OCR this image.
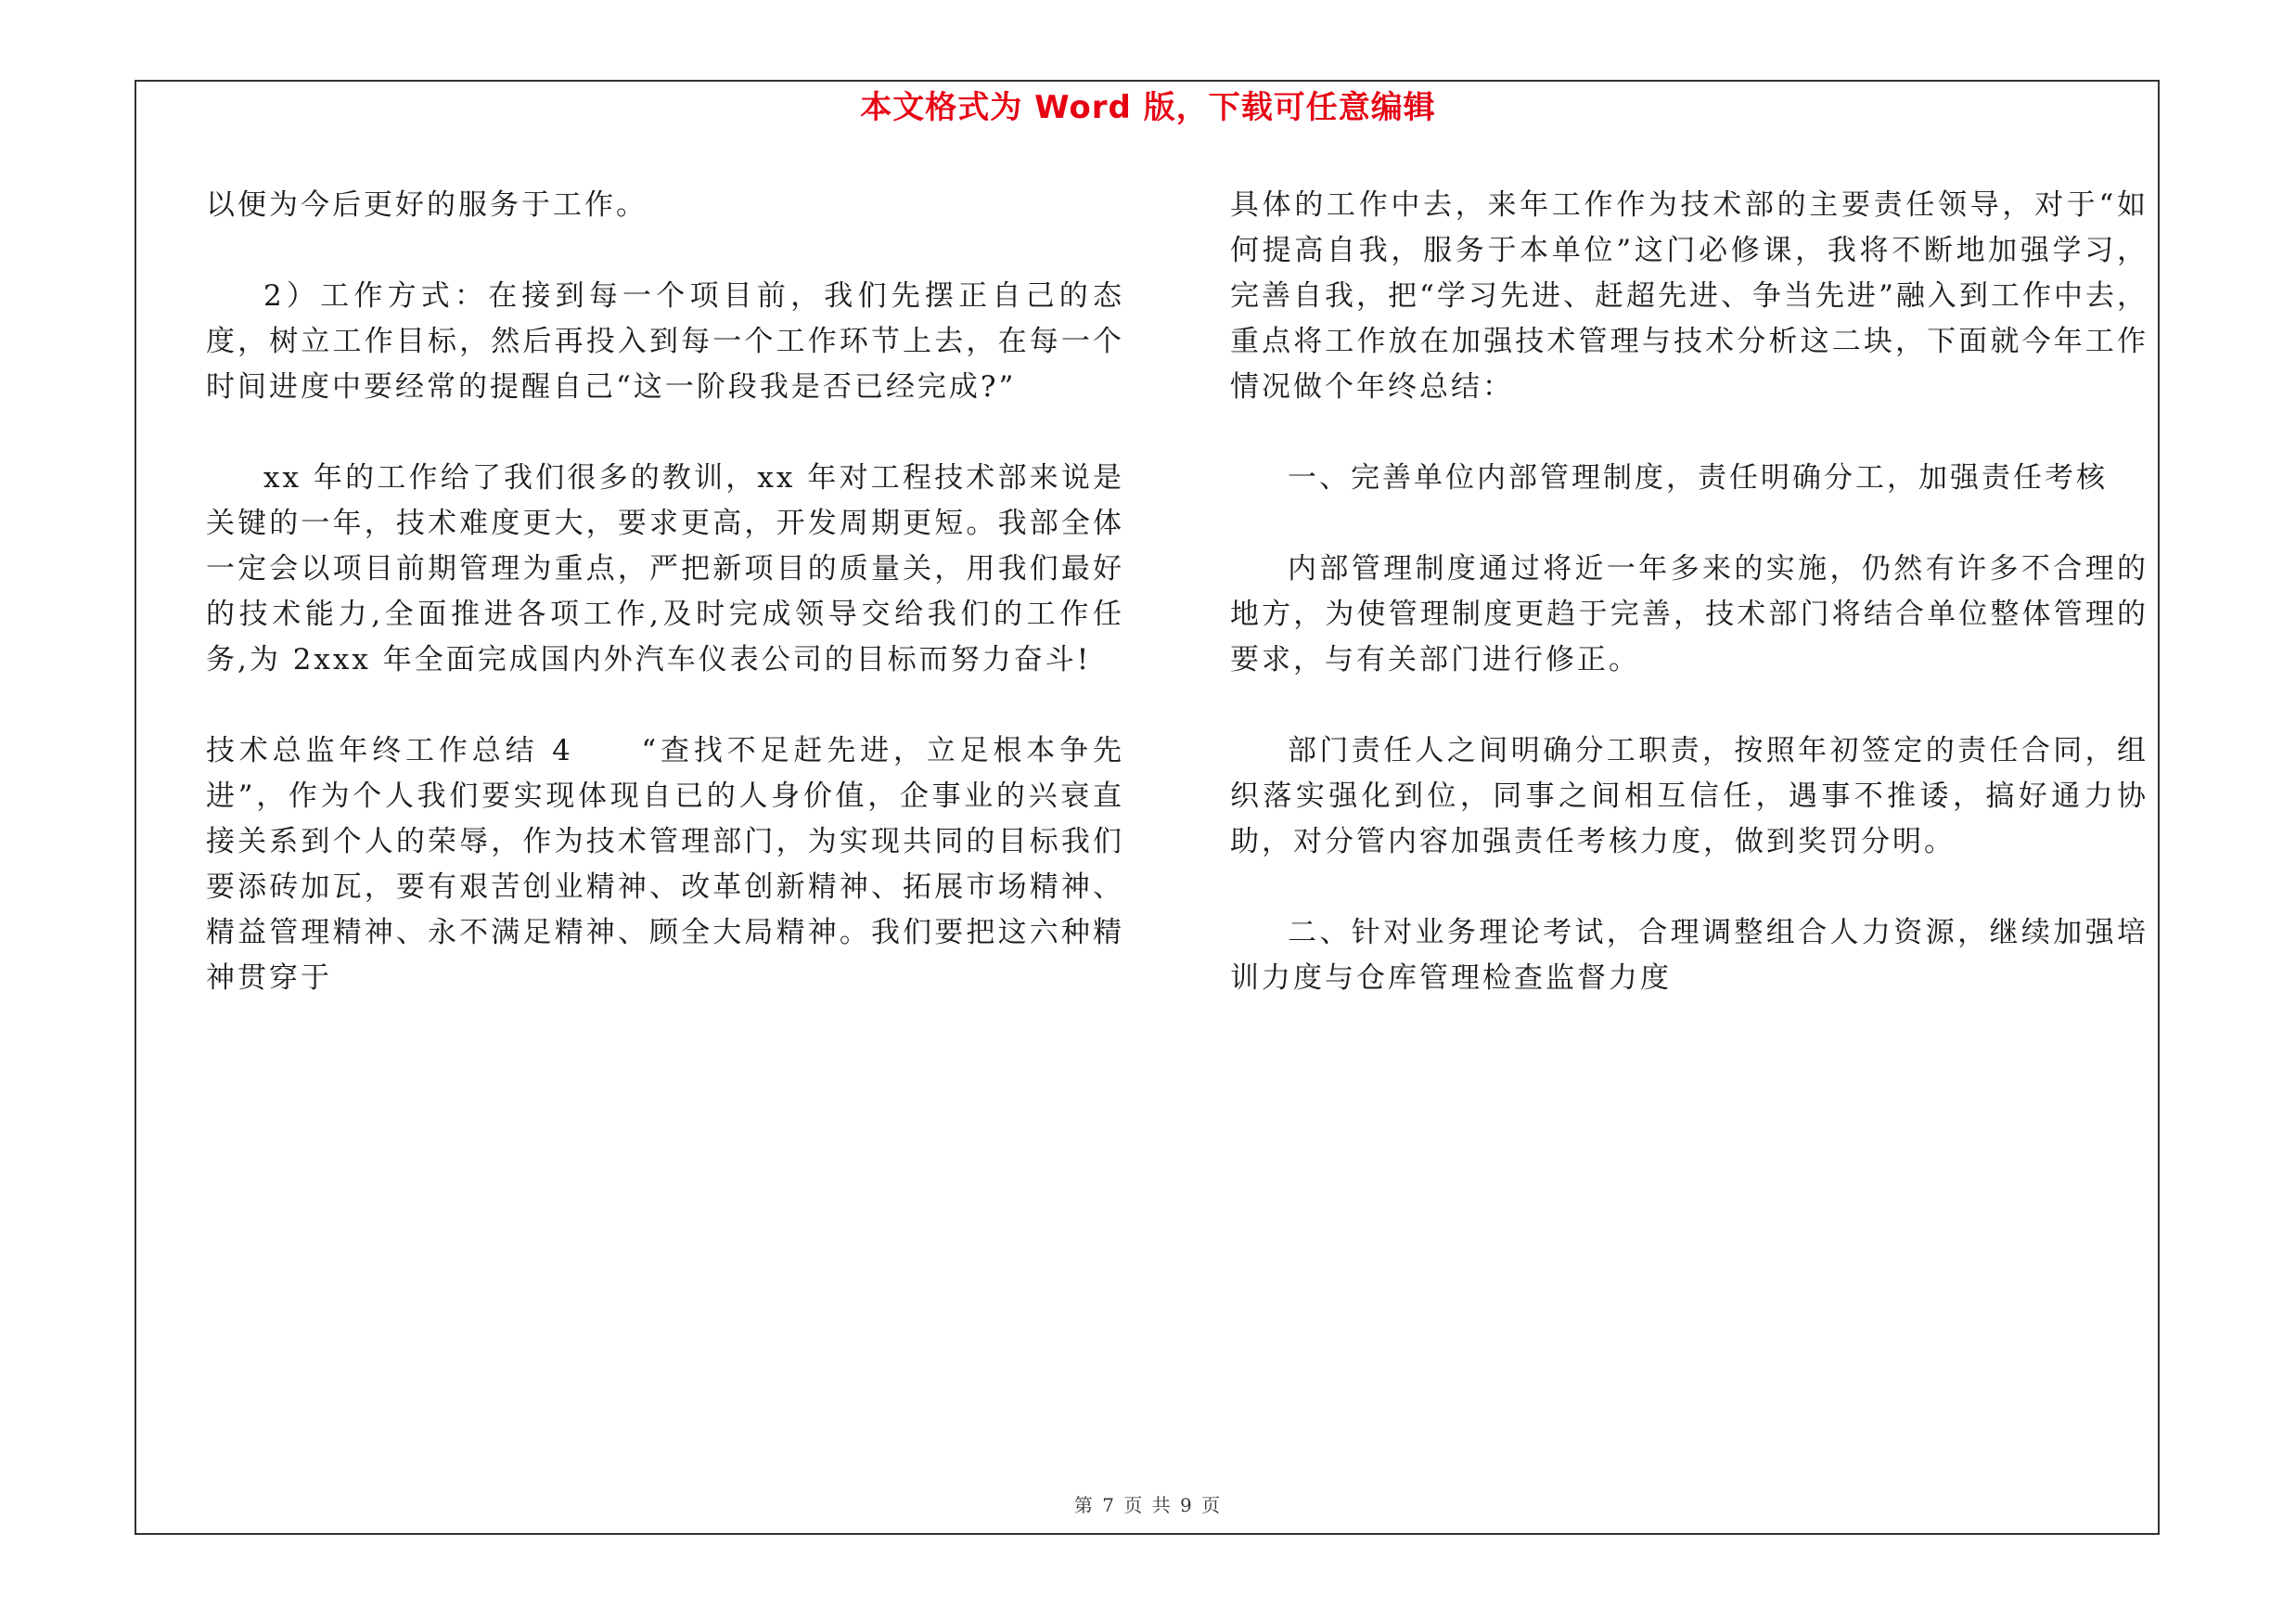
本文格式为 Word 版，下载可任意编辑

以便为今后更好的服务于工作。

2）工作方式：在接到每一个项目前，我们先摆正自己的态度，树立工作目标，然后再投入到每一个工作环节上去，在每一个时间进度中要经常的提醒自己“这一阶段我是否已经完成?”

xx 年的工作给了我们很多的教训，xx 年对工程技术部来说是关键的一年，技术难度更大，要求更高，开发周期更短。我部全体一定会以项目前期管理为重点，严把新项目的质量关，用我们最好的技术能力,全面推进各项工作,及时完成领导交给我们的工作任务,为 2xxx 年全面完成国内外汽车仪表公司的目标而努力奋斗!

技术总监年终工作总结 4　　“查找不足赶先进，立足根本争先进”，作为个人我们要实现体现自已的人身价值，企事业的兴衰直接关系到个人的荣辱，作为技术管理部门，为实现共同的目标我们要添砖加瓦，要有艰苦创业精神、改革创新精神、拓展市场精神、精益管理精神、永不满足精神、顾全大局精神。我们要把这六种精神贯穿于

具体的工作中去，来年工作作为技术部的主要责任领导，对于“如何提高自我，服务于本单位”这门必修课，我将不断地加强学习，完善自我，把“学习先进、赶超先进、争当先进”融入到工作中去，重点将工作放在加强技术管理与技术分析这二块，下面就今年工作情况做个年终总结：

一、完善单位内部管理制度，责任明确分工，加强责任考核

内部管理制度通过将近一年多来的实施，仍然有许多不合理的地方，为使管理制度更趋于完善，技术部门将结合单位整体管理的要求，与有关部门进行修正。

部门责任人之间明确分工职责，按照年初签定的责任合同，组织落实强化到位，同事之间相互信任，遇事不推诿，搞好通力协助，对分管内容加强责任考核力度，做到奖罚分明。

二、针对业务理论考试，合理调整组合人力资源，继续加强培训力度与仓库管理检查监督力度

第 7 页 共 9 页
